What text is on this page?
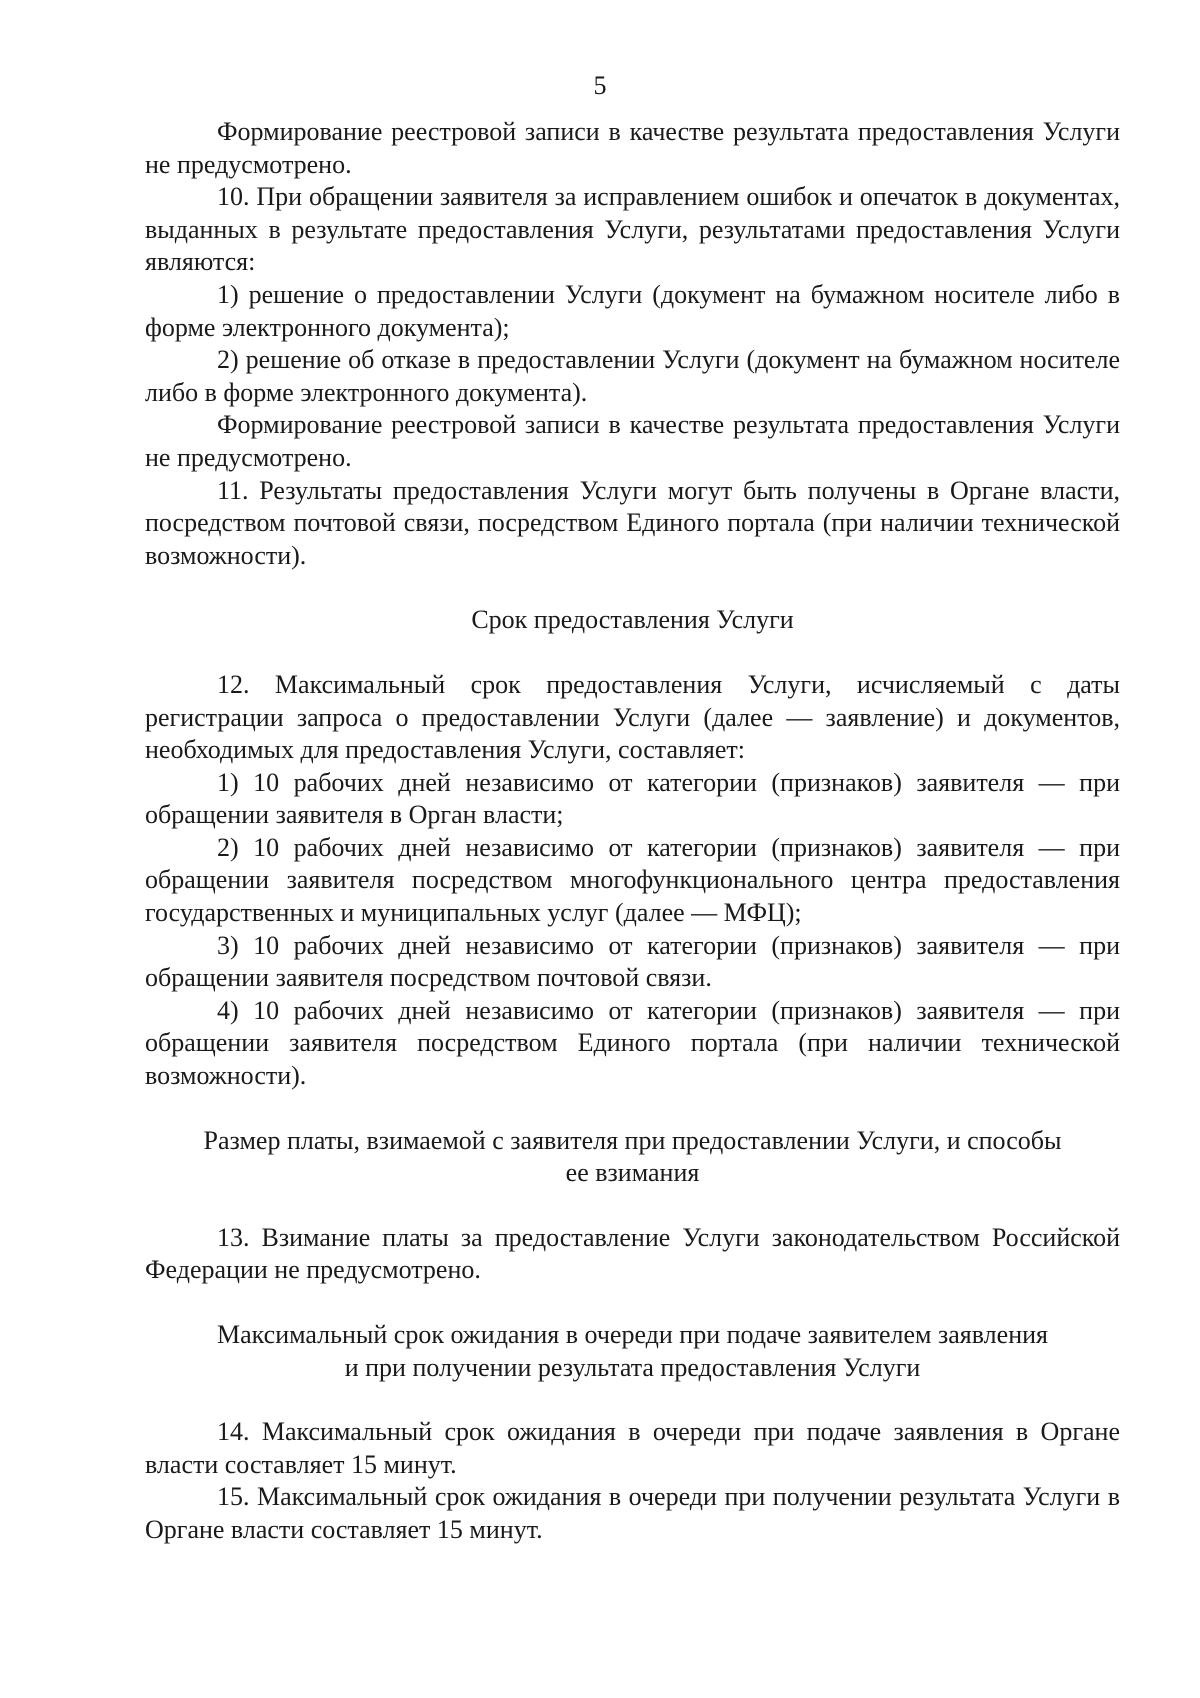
5

Формирование реестровой записи в качестве результата предоставления Услуги не предусмотрено.

10. При обращении заявителя за исправлением ошибок и опечаток в документах, выданных в результате предоставления Услуги, результатами предоставления Услуги являются:

1) решение о предоставлении Услуги (документ на бумажном носителе либо в форме электронного документа);

2) решение об отказе в предоставлении Услуги (документ на бумажном носителе либо в форме электронного документа).

Формирование реестровой записи в качестве результата предоставления Услуги не предусмотрено.

11. Результаты предоставления Услуги могут быть получены в Органе власти, посредством почтовой связи, посредством Единого портала (при наличии технической возможности).

Срок предоставления Услуги

12. Максимальный срок предоставления Услуги, исчисляемый с даты регистрации запроса о предоставлении Услуги (далее — заявление) и документов, необходимых для предоставления Услуги, составляет:

1) 10 рабочих дней независимо от категории (признаков) заявителя — при обращении заявителя в Орган власти;

2) 10 рабочих дней независимо от категории (признаков) заявителя — при обращении заявителя посредством многофункционального центра предоставления государственных и муниципальных услуг (далее — МФЦ);

3) 10 рабочих дней независимо от категории (признаков) заявителя — при обращении заявителя посредством почтовой связи.

4) 10 рабочих дней независимо от категории (признаков) заявителя — при обращении заявителя посредством Единого портала (при наличии технической возможности).

Размер платы, взимаемой с заявителя при предоставлении Услуги, и способы

ее взимания

13. Взимание платы за предоставление Услуги законодательством Российской Федерации не предусмотрено.

Максимальный срок ожидания в очереди при подаче заявителем заявления

и при получении результата предоставления Услуги

14. Максимальный срок ожидания в очереди при подаче заявления в Органе власти составляет 15 минут.

15. Максимальный срок ожидания в очереди при получении результата Услуги в Органе власти составляет 15 минут.
